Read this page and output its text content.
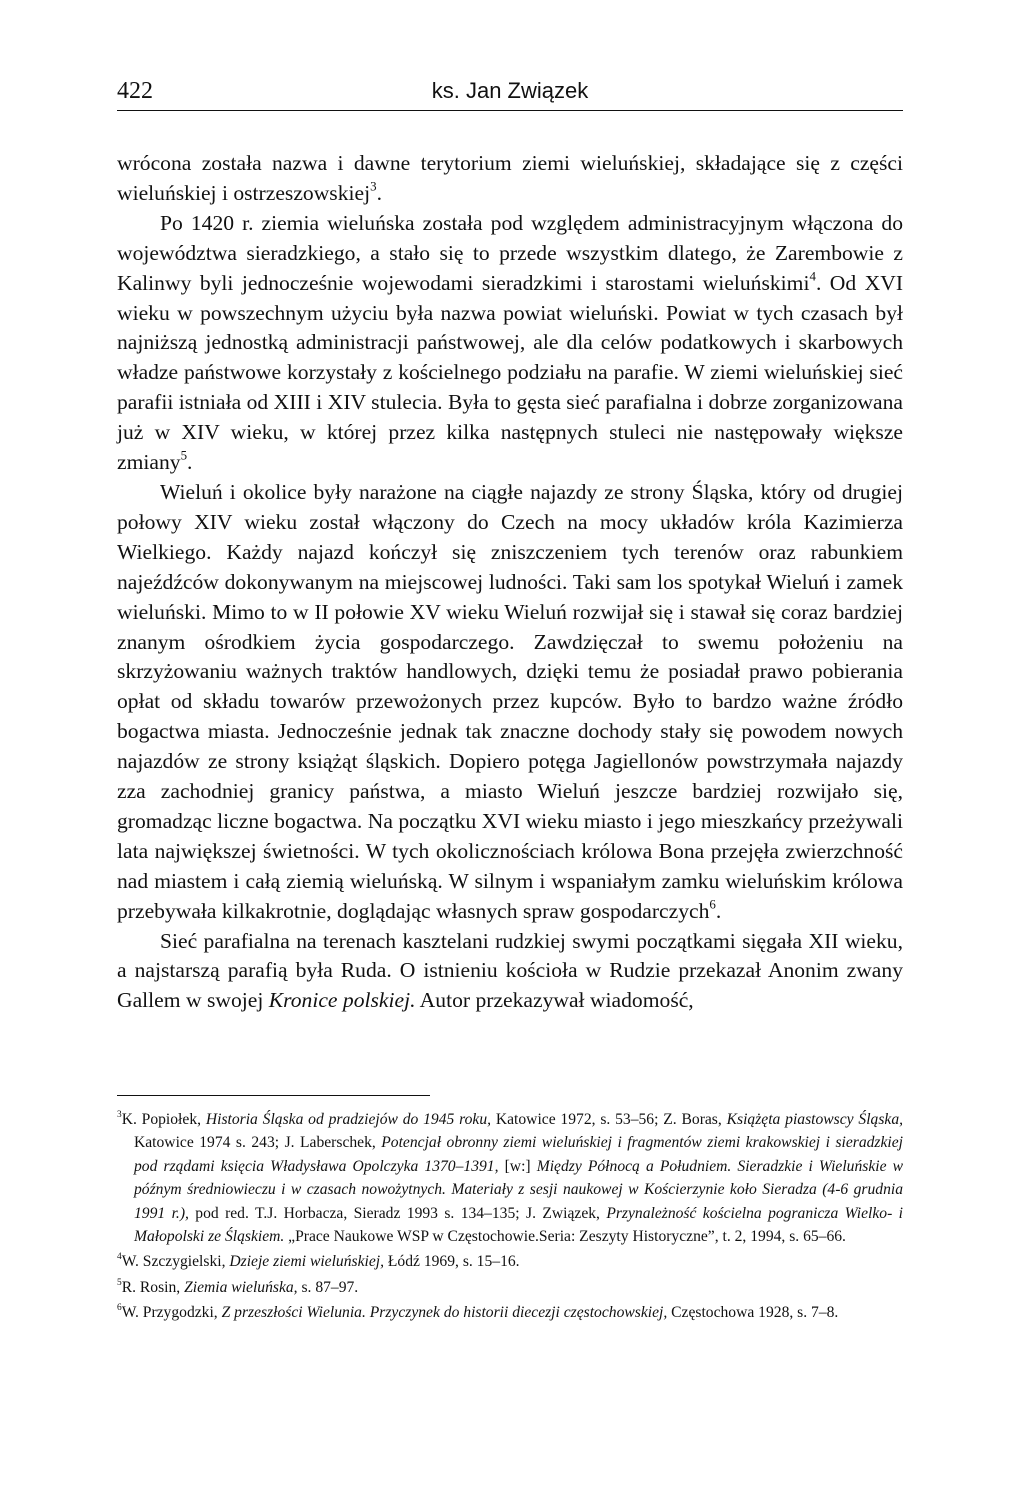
422	ks. Jan Związek

wrócona została nazwa i dawne terytorium ziemi wieluńskiej, składające się z części wieluńskiej i ostrzeszowskiej$^3$.

Po 1420 r. ziemia wieluńska została pod względem administracyjnym włączona do województwa sieradzkiego, a stało się to przede wszystkim dlatego, że Zarembowie z Kalinwy byli jednocześnie wojewodami sieradzkimi i starostami wieluńskimi$^4$. Od XVI wieku w powszechnym użyciu była nazwa powiat wieluński. Powiat w tych czasach był najniższą jednostką administracji państwowej, ale dla celów podatkowych i skarbowych władze państwowe korzystały z kościelnego podziału na parafie. W ziemi wieluńskiej sieć parafii istniała od XIII i XIV stulecia. Była to gęsta sieć parafialna i dobrze zorganizowana już w XIV wieku, w której przez kilka następnych stuleci nie następowały większe zmiany$^5$.

Wieluń i okolice były narażone na ciągłe najazdy ze strony Śląska, który od drugiej połowy XIV wieku został włączony do Czech na mocy układów króla Kazimierza Wielkiego. Każdy najazd kończył się zniszczeniem tych terenów oraz rabunkiem najeźdźców dokonywanym na miejscowej ludności. Taki sam los spotykał Wieluń i zamek wieluński. Mimo to w II połowie XV wieku Wieluń rozwijał się i stawał się coraz bardziej znanym ośrodkiem życia gospodarczego. Zawdzięczał to swemu położeniu na skrzyżowaniu ważnych traktów handlowych, dzięki temu że posiadał prawo pobierania opłat od składu towarów przewożonych przez kupców. Było to bardzo ważne źródło bogactwa miasta. Jednocześnie jednak tak znaczne dochody stały się powodem nowych najazdów ze strony książąt śląskich. Dopiero potęga Jagiellonów powstrzymała najazdy zza zachodniej granicy państwa, a miasto Wieluń jeszcze bardziej rozwijało się, gromadząc liczne bogactwa. Na początku XVI wieku miasto i jego mieszkańcy przeżywali lata największej świetności. W tych okolicznościach królowa Bona przejęła zwierzchność nad miastem i całą ziemią wieluńską. W silnym i wspaniałym zamku wieluńskim królowa przebywała kilkakrotnie, doglądając własnych spraw gospodarczych$^6$.

Sieć parafialna na terenach kasztelani rudzkiej swymi początkami sięgała XII wieku, a najstarszą parafią była Ruda. O istnieniu kościoła w Rudzie przekazał Anonim zwany Gallem w swojej Kronice polskiej. Autor przekazywał wiadomość,

$^3$K. Popiołek, Historia Śląska od pradziejów do 1945 roku, Katowice 1972, s. 53–56; Z. Boras, Książęta piastowscy Śląska, Katowice 1974 s. 243; J. Laberschek, Potencjał obronny ziemi wieluńskiej i fragmentów ziemi krakowskiej i sieradzkiej pod rządami księcia Władysława Opolczyka 1370–1391, [w:] Między Północą a Południem. Sieradzkie i Wieluńskie w późnym średniowieczu i w czasach nowożytnych. Materiały z sesji naukowej w Kościerzynie koło Sieradza (4-6 grudnia 1991 r.), pod red. T.J. Horbacza, Sieradz 1993 s. 134–135; J. Związek, Przynależność kościelna pogranicza Wielko- i Małopolski ze Śląskiem. „Prace Naukowe WSP w Częstochowie.Seria: Zeszyty Historyczne”, t. 2, 1994, s. 65–66.

$^4$W. Szczygielski, Dzieje ziemi wieluńskiej, Łódź 1969, s. 15–16.

$^5$R. Rosin, Ziemia wieluńska, s. 87–97.

$^6$W. Przygodzki, Z przeszłości Wielunia. Przyczynek do historii diecezji częstochowskiej, Częstochowa 1928, s. 7–8.
